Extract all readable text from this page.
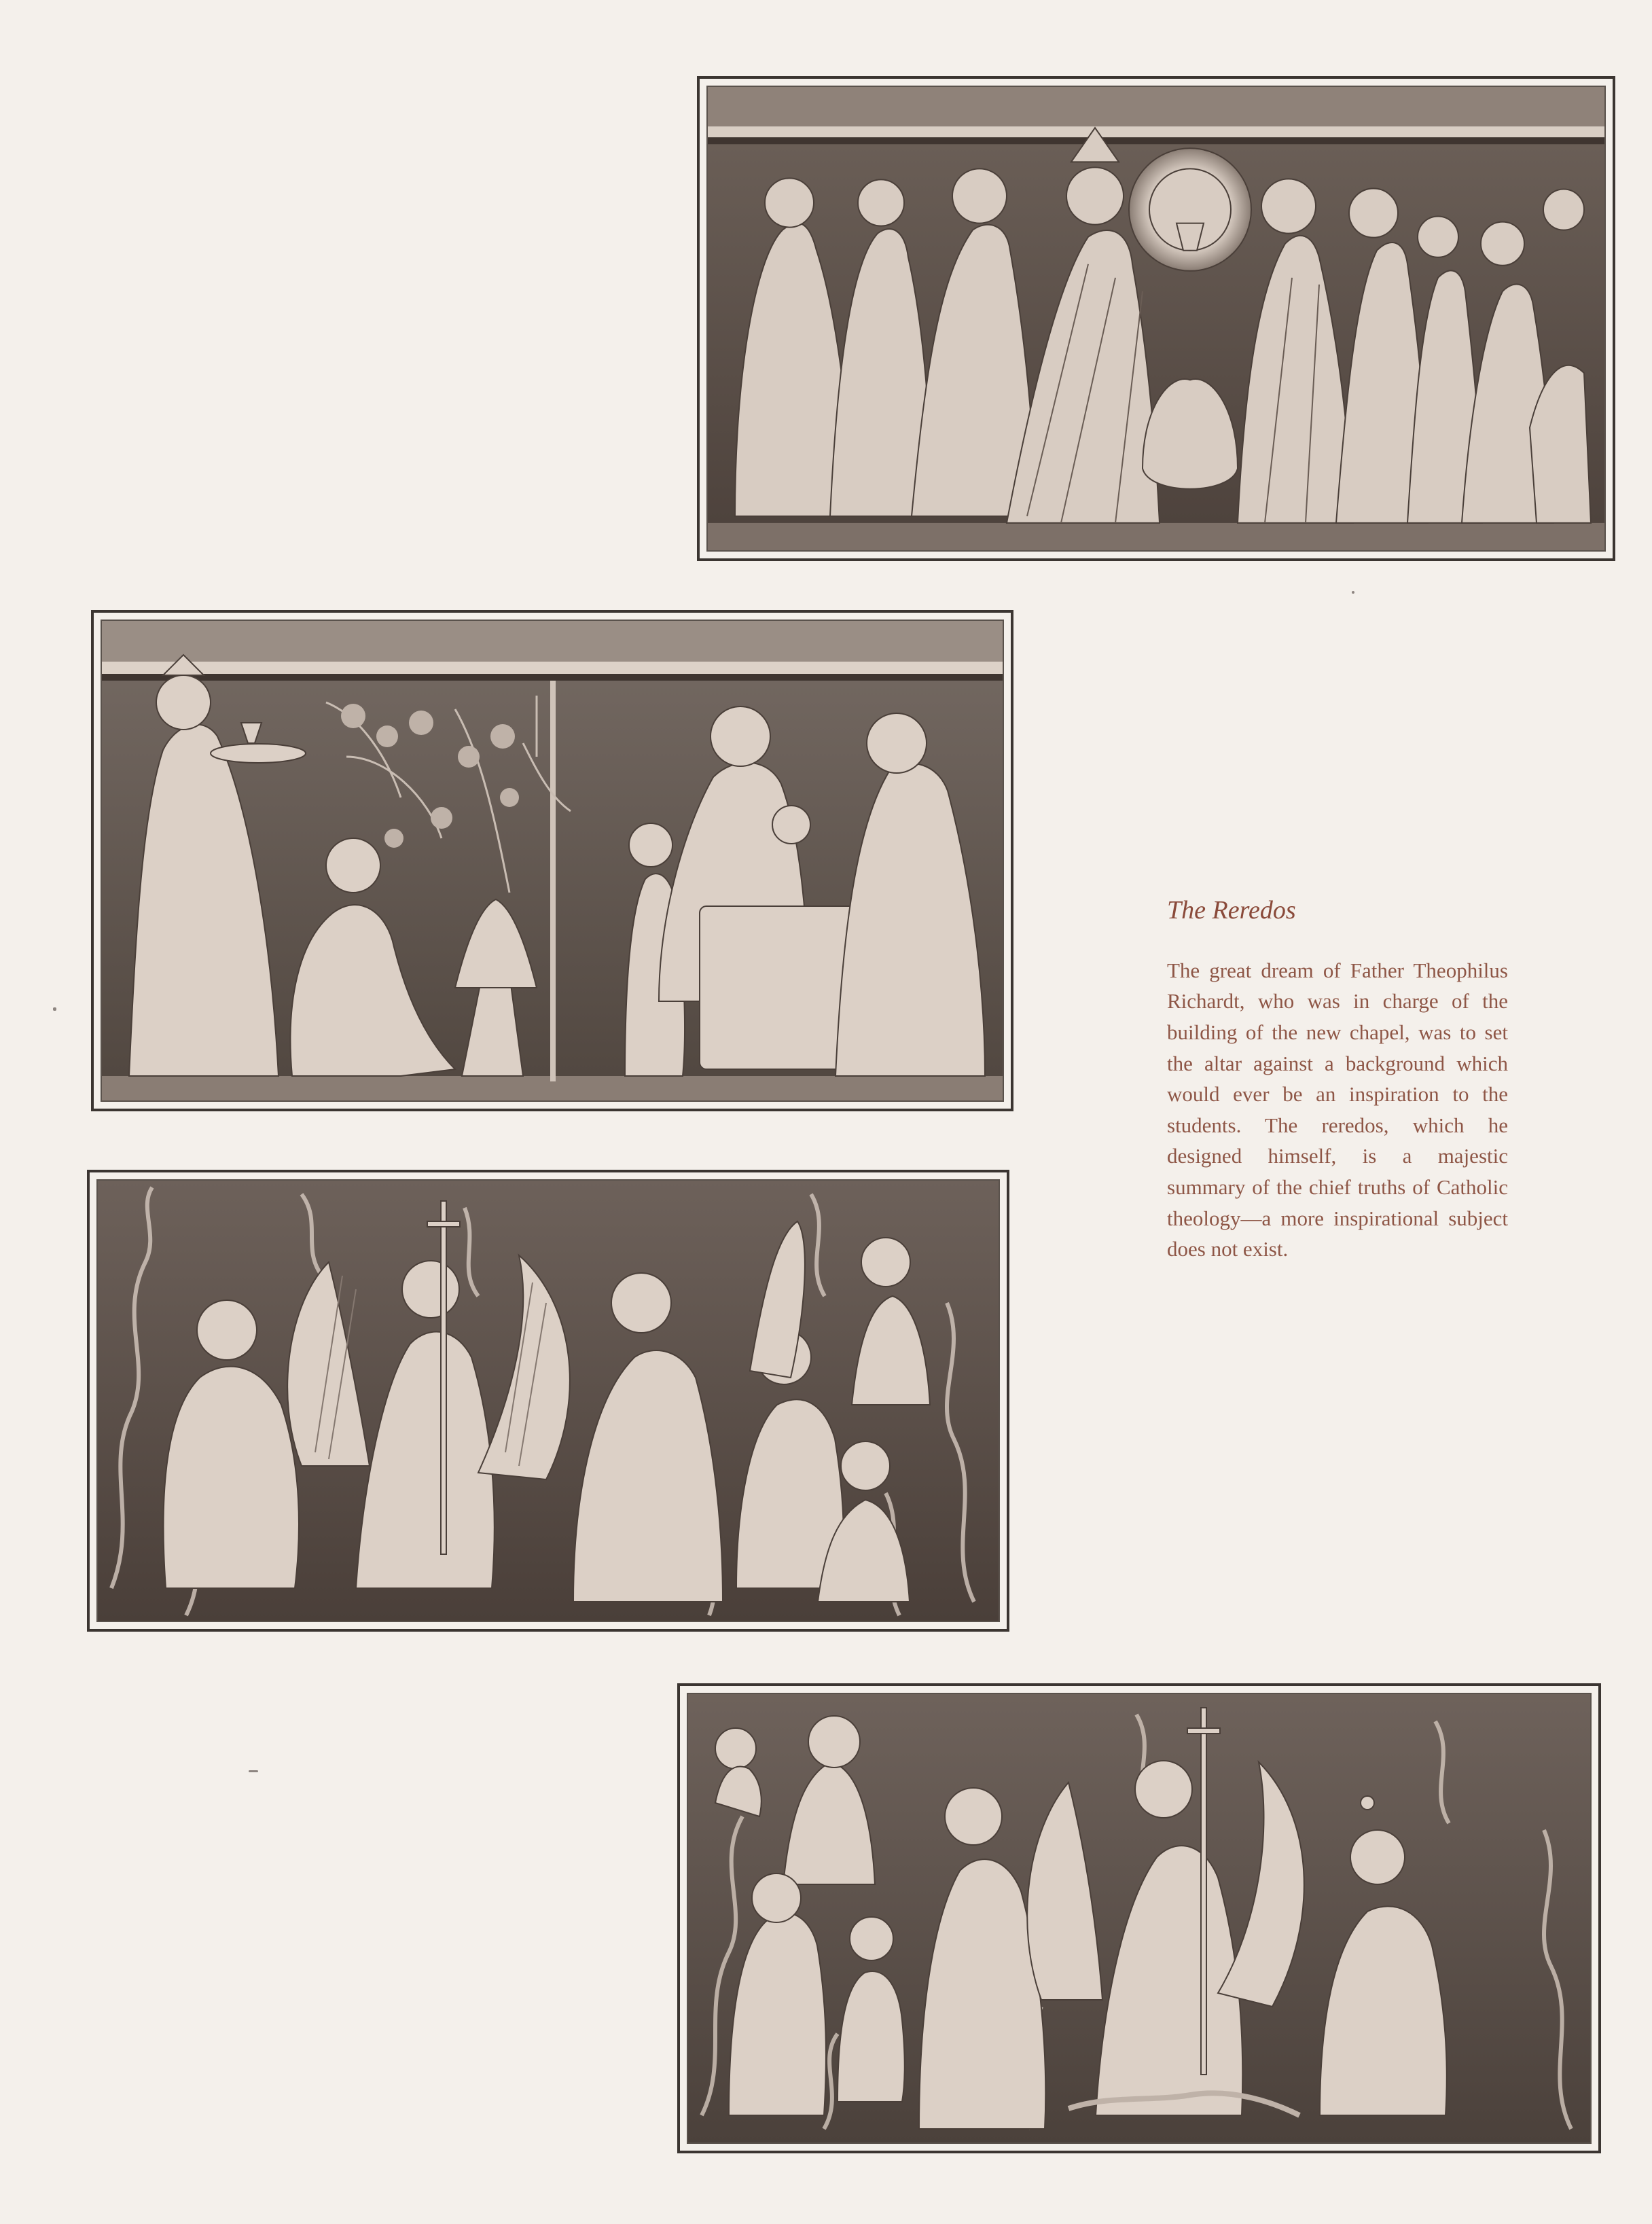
The Reredos

The great dream of Father Theophilus Richardt, who was in charge of the building of the new chapel, was to set the altar against a background which would ever be an inspiration to the students. The reredos, which he designed himself, is a majestic summary of the chief truths of Catholic theology—a more inspirational subject does not exist.
